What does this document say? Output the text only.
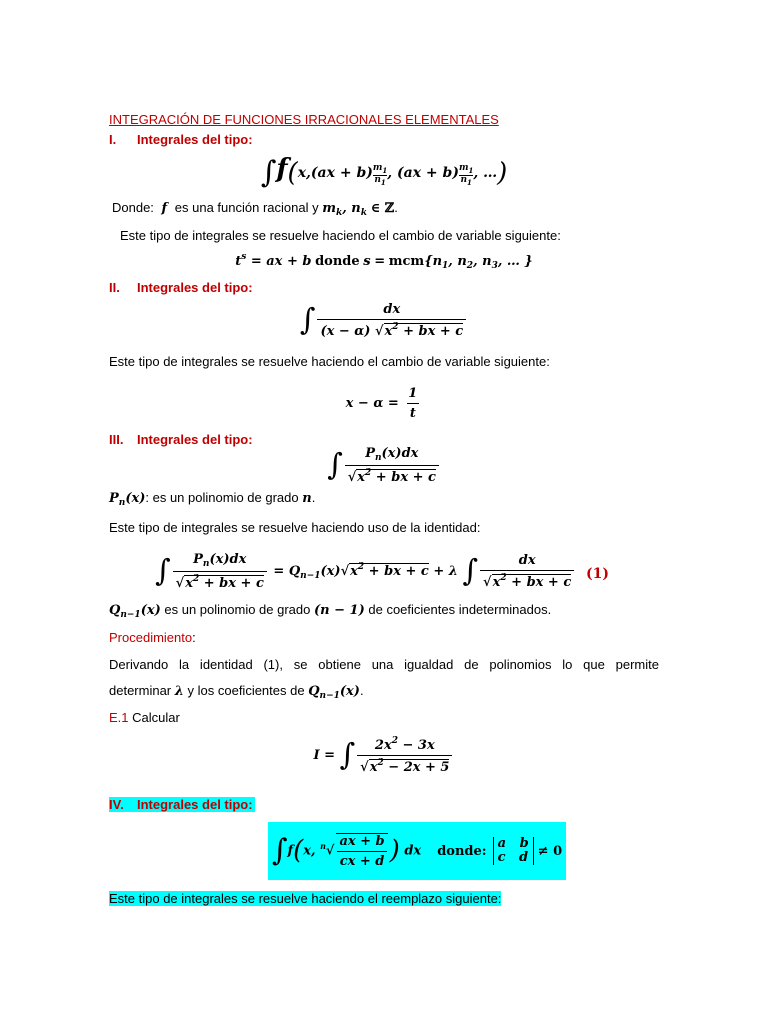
INTEGRACIÓN DE FUNCIONES IRRACIONALES ELEMENTALES
I. Integrales del tipo:
$\int f(x,(ax + b) \frac{m_1}{n_1}$ , $(ax + b) \frac{m_1}{n_1}$ , …)
Donde: f es una función racional y $m_k$, $n_k$ ∈ ℤ.
Este tipo de integrales se resuelve haciendo el cambio de variable siguiente:
$t^s$ = ax + b donde $s = mcm\{n_1$, $n_2$, $n_3$, … }
II. Integrales del tipo:
∫ $\frac{dx}{(x - \alpha) √x^2 + bx + c}$
Este tipo de integrales se resuelve haciendo el cambio de variable siguiente:
$x - \alpha = \frac{1}{t}$
III. Integrales del tipo:
∫ $\frac{P_n(x)dx}{√x^2 + bx + c}$
$P_n(x)$: es un polinomio de grado n.
Este tipo de integrales se resuelve haciendo uso de la identidad:
∫ $\frac{P_n(x)dx}{√x^2 + bx + c} = Q_{n-1}(x)√x^2$ + bx + c + λ ∫ $\frac{dx}{√x^2 + bx + c} (1)$
$Q_{n-1}(x)$ es un polinomio de grado (n − 1) de coeficientes indeterminados.
Procedimiento:
Derivando la identidad (1), se obtiene una igualdad de polinomios lo que permite
determinar λ y los coeficientes de $Q_{n-1}(x)$.
E.1 Calcular
I = ∫ $\frac{2x^2 - 3x}{√x^2 - 2x + 5}$
IV. Integrales del tipo:
∫f(x, $^n√ \frac{ax + b}{cx + d}$ ) dx donde: a   b
c   d ≠ 0
Este tipo de integrales se resuelve haciendo el reemplazo siguiente:
